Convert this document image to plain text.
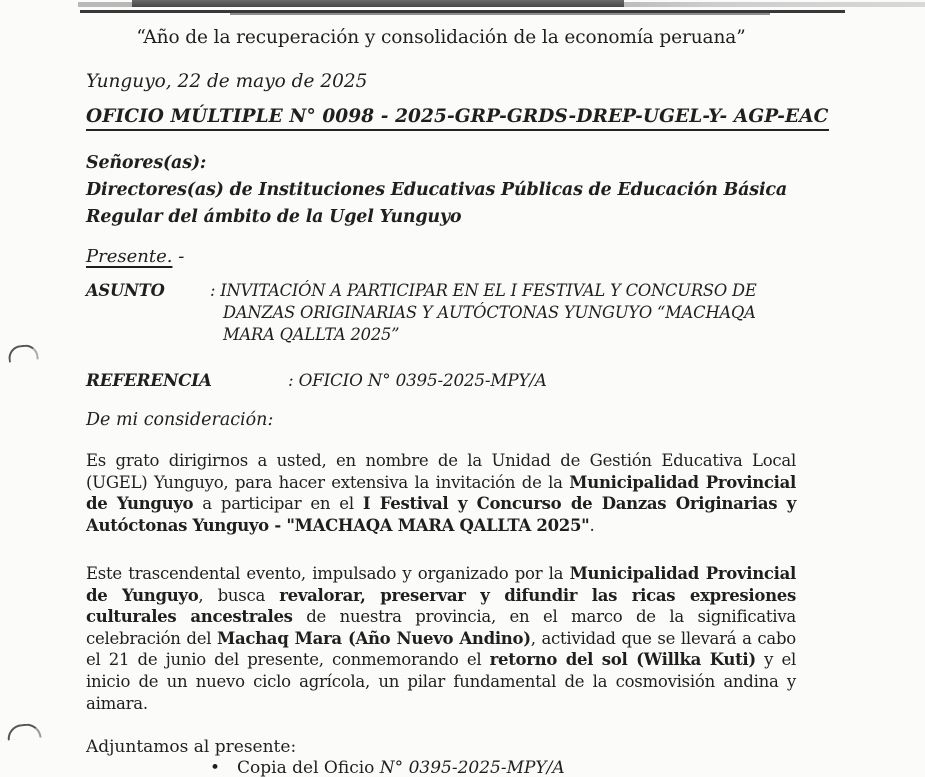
“Año de la recuperación y consolidación de la economía peruana”
Yunguyo, 22 de mayo de 2025
OFICIO MÚLTIPLE N° 0098 - 2025-GRP-GRDS-DREP-UGEL-Y- AGP-EAC
Señores(as):
Directores(as) de Instituciones Educativas Públicas de Educación Básica
Regular del ámbito de la Ugel Yunguyo
Presente. -
ASUNTO	: INVITACIÓN A PARTICIPAR EN EL I FESTIVAL Y CONCURSO DE
DANZAS ORIGINARIAS Y AUTÓCTONAS YUNGUYO “MACHAQA
MARA QALLTA 2025”
REFERENCIA	: OFICIO N° 0395-2025-MPY/A
De mi consideración:

Es grato dirigirnos a usted, en nombre de la Unidad de Gestión Educativa Local (UGEL) Yunguyo, para hacer extensiva la invitación de la Municipalidad Provincial de Yunguyo a participar en el I Festival y Concurso de Danzas Originarias y Autóctonas Yunguyo - "MACHAQA MARA QALLTA 2025".

Este trascendental evento, impulsado y organizado por la Municipalidad Provincial de Yunguyo, busca revalorar, preservar y difundir las ricas expresiones culturales ancestrales de nuestra provincia, en el marco de la significativa celebración del Machaq Mara (Año Nuevo Andino), actividad que se llevará a cabo el 21 de junio del presente, conmemorando el retorno del sol (Willka Kuti) y el inicio de un nuevo ciclo agrícola, un pilar fundamental de la cosmovisión andina y aimara.

Adjuntamos al presente:
• Copia del Oficio N° 0395-2025-MPY/A
